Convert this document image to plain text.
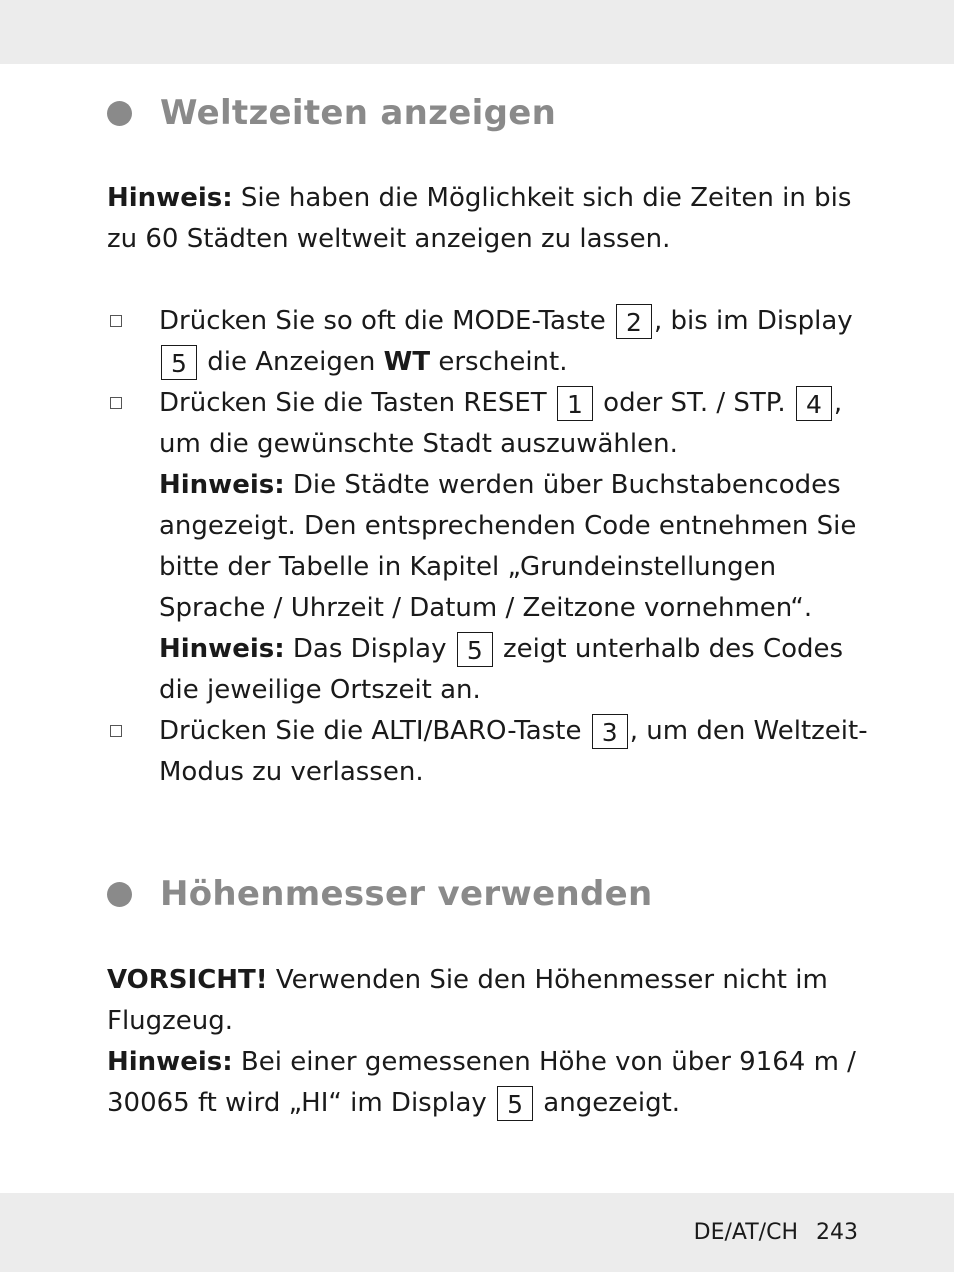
Weltzeiten anzeigen
Hinweis: Sie haben die Möglichkeit sich die Zeiten in bis zu 60 Städten weltweit anzeigen zu lassen.
Drücken Sie so oft die MODE-Taste 2 , bis im Display 5 die Anzeigen WT erscheint.
Drücken Sie die Tasten RESET 1 oder ST. / STP. 4 , um die gewünschte Stadt auszuwählen.
Hinweis: Die Städte werden über Buchstabencodes angezeigt. Den entsprechenden Code entnehmen Sie bitte der Tabelle in Kapitel „Grundeinstellungen Sprache / Uhrzeit / Datum / Zeitzone vornehmen“.
Hinweis: Das Display 5 zeigt unterhalb des Codes die jeweilige Ortszeit an.
Drücken Sie die ALTI/BARO-Taste 3 , um den Weltzeit-Modus zu verlassen.
Höhenmesser verwenden
VORSICHT! Verwenden Sie den Höhenmesser nicht im Flugzeug.
Hinweis: Bei einer gemessenen Höhe von über 9164 m / 30065 ft wird „HI“ im Display 5 angezeigt.
DE/AT/CH 243
